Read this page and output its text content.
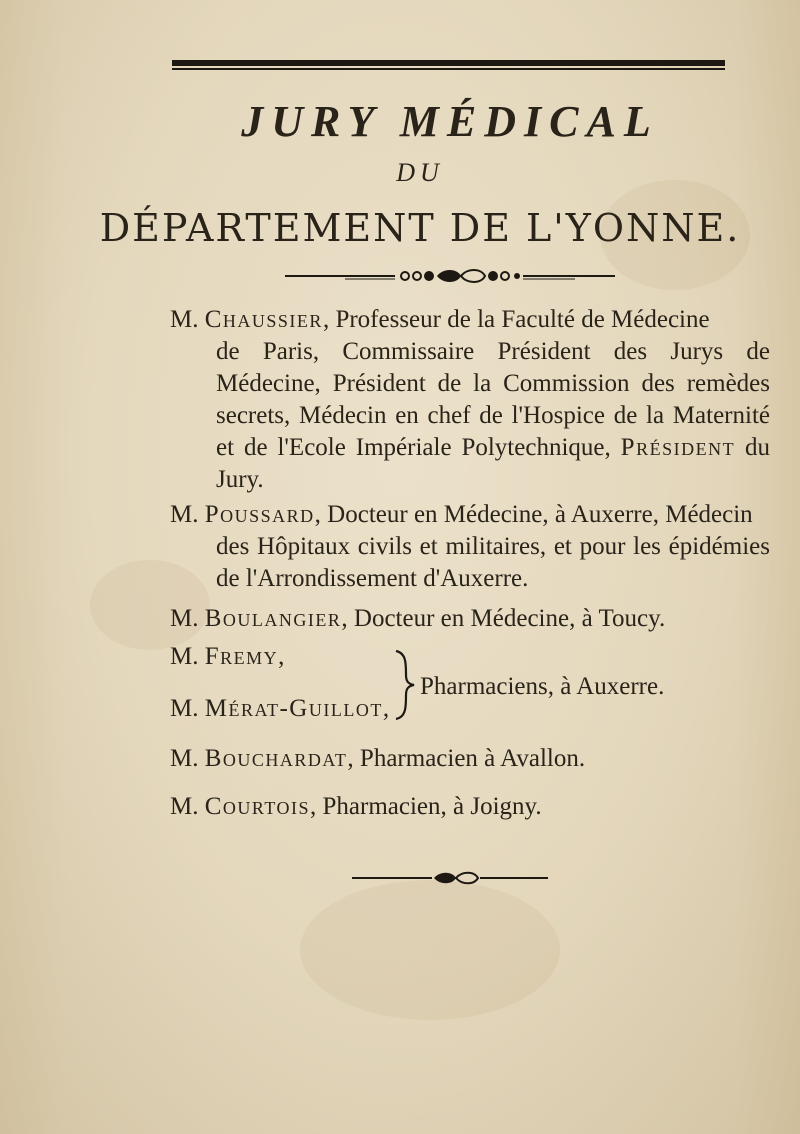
JURY MÉDICAL
DU
DÉPARTEMENT DE L'YONNE.
M. Chaussier, Professeur de la Faculté de Médecine
de Paris, Commissaire Président des Jurys de Médecine, Président de la Commission des remèdes secrets, Médecin en chef de l'Hospice de la Maternité et de l'Ecole Impériale Polytechnique, Président du Jury.
M. Poussard, Docteur en Médecine, à Auxerre, Médecin
des Hôpitaux civils et militaires, et pour les épidémies de l'Arrondissement d'Auxerre.
M. Boulangier, Docteur en Médecine, à Toucy.
M. Fremy,
M. Mérat-Guillot,
Pharmaciens, à Auxerre.
M. Bouchardat, Pharmacien à Avallon.
M. Courtois, Pharmacien, à Joigny.
